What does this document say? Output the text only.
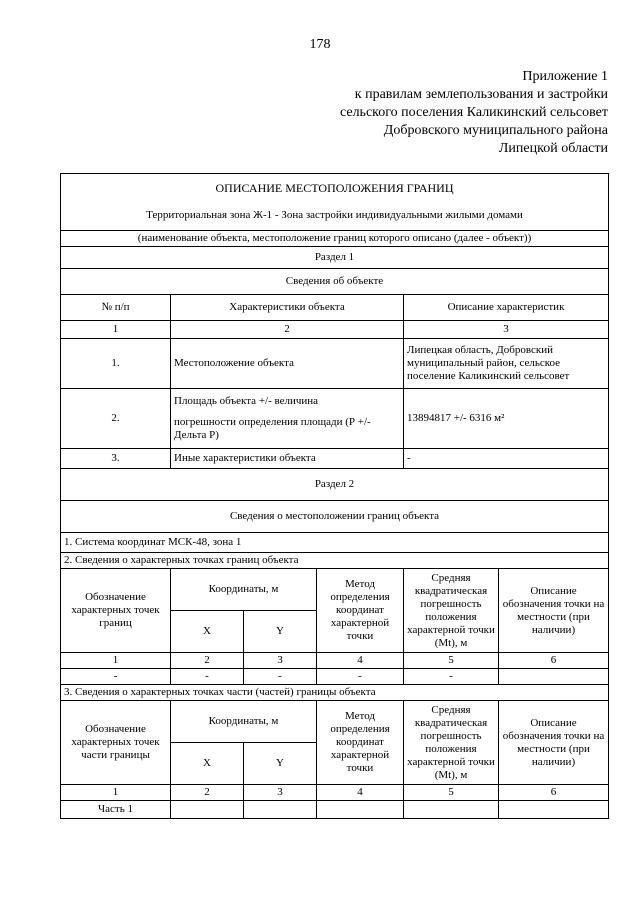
178
Приложение 1
к правилам землепользования и застройки
сельского поселения Каликинский сельсовет
Добровского муниципального района
Липецкой области
ОПИСАНИЕ МЕСТОПОЛОЖЕНИЯ ГРАНИЦ
Территориальная зона Ж-1 - Зона застройки индивидуальными жилыми домами					

(наименование объекта, местоположение границ которого описано (далее - объект))					
Раздел 1					
Сведения об объекте					
№ п/п	Характеристики объекта			Описание характеристик	
1	2			3	
1.	Местоположение объекта			Липецкая область, Добровский муниципальный район, сельское поселение Каликинский сельсовет	
2.	Площадь объекта +/- величина
погрешности определения площади (Р +/- Дельта Р)			13894817 +/- 6316 м²	
3.	Иные характеристики объекта			-	
Раздел 2					
Сведения о местоположении границ объекта					
1. Система координат МСК-48, зона 1					
2. Сведения о характерных точках границ объекта					
Обозначение характерных точек границ	Координаты, м		Метод определения координат характерной точки	Средняя квадратическая погрешность положения характерной точки (Mt), м	Описание обозначения точки на местности (при наличии)
	X	Y			
1	2	3	4	5	6
-	-	-	-	-	
3. Сведения о характерных точках части (частей) границы объекта					
Обозначение характерных точек части границы	Координаты, м		Метод определения координат характерной точки	Средняя квадратическая погрешность положения характерной точки (Mt), м	Описание обозначения точки на местности (при наличии)
	X	Y			
1	2	3	4	5	6
Часть 1					
